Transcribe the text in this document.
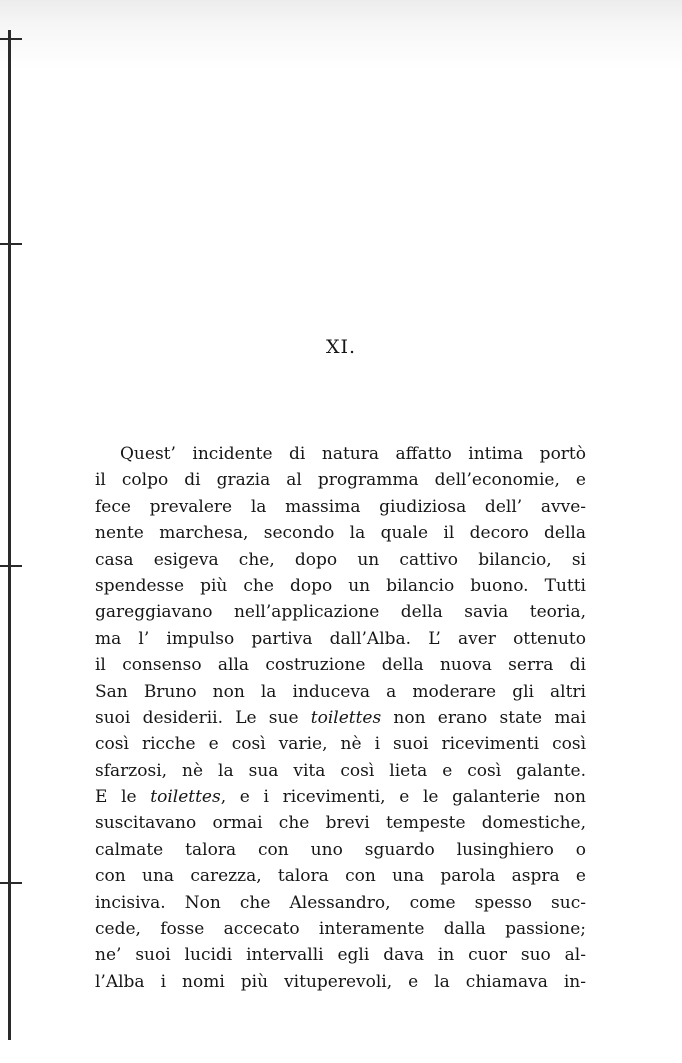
XI.

Quest’ incidente di natura affatto intima portò
il colpo di grazia al programma dell’economie, e
fece prevalere la massima giudiziosa dell’ avve-
nente marchesa, secondo la quale il decoro della
casa esigeva che, dopo un cattivo bilancio, si
spendesse più che dopo un bilancio buono. Tutti
gareggiavano nell’applicazione della savia teoria,
ma l’ impulso partiva dall’Alba. L’ aver ottenuto
il consenso alla costruzione della nuova serra di
San Bruno non la induceva a moderare gli altri
suoi desiderii. Le sue toilettes non erano state mai
così ricche e così varie, nè i suoi ricevimenti così
sfarzosi, nè la sua vita così lieta e così galante.
E le toilettes, e i ricevimenti, e le galanterie non
suscitavano ormai che brevi tempeste domestiche,
calmate talora con uno sguardo lusinghiero o
con una carezza, talora con una parola aspra e
incisiva. Non che Alessandro, come spesso suc-
cede, fosse accecato interamente dalla passione;
ne’ suoi lucidi intervalli egli dava in cuor suo al-
l’Alba i nomi più vituperevoli, e la chiamava in-
